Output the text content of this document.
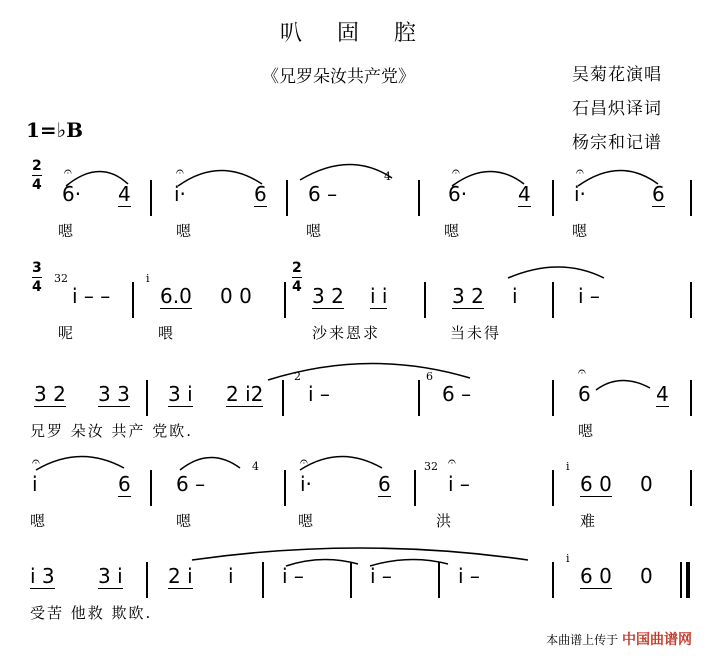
叭 固 腔
《兄罗朵汝共产党》	吴菊花演唱
石昌炽译词
杨宗和记谱
1=♭B
2
4
𝄐
6· 4
𝄐
i·	6 6 –
4	𝄐
6·	4
𝄐
i·	6
嗯	嗯	嗯	嗯	嗯
3
4
2
4
32
i – –
i
6.0 0 0	3 2 i i	3 2 i	i –
呢	喂	沙来恩求	当未得
3 2 3 3 3 i 2 i2
2
i –
6
6 –
𝄐
6	4
兄罗 朵汝 共产 党欧.	嗯
𝄐
i	6 6 –
4	𝄐
i·	6
32 𝄐
i –
i
6 0 0
嗯	嗯	嗯	洪	难
i 3 3 i 2 i i i –	i –	i –
i
6 0 0
受苦 他救 欺欧.
本曲谱上传于 中国曲谱网
